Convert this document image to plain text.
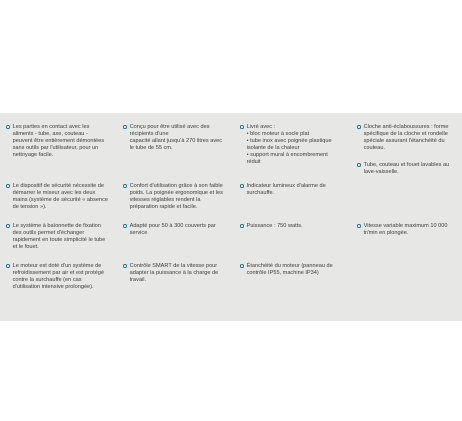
Les parties en contact avec les
aliments - tube, axe, couteau -
peuvent être entièrement démontées
sans outils par l'utilisateur, pour un
nettoyage facile.
Conçu pour être utilisé avec des
récipients d'une
capacité allant jusqu'à 270 litres avec
le tube de 55 cm.
Livré avec :
• bloc moteur à socle plat
• tube inox avec poignée plastique
isolante de la chaleur
• support mural à encombrement
réduit
Cloche anti-éclaboussures : forme
spécifique de la cloche et rondelle
spéciale assurant l'étanchéité du
couteau.
Tube, couteau et fouet lavables au
lave-vaisselle.
Le dispositif de sécurité nécessite de
démarrer le mixeur avec les deux
mains (système de sécurité « absence
de tension »).
Confort d'utilisation grâce à son faible
poids. La poignée ergonomique et les
vitesses réglables rendent la
préparation rapide et facile.
Indicateur lumineux d'alarme de
surchauffe.
Le système à baïonnette de fixation
des outils permet d'échanger
rapidement en toute simplicité le tube
et le fouet.
Adapté pour 50 à 300 couverts par
service
Puissance : 750 watts.	Vitesse variable maximum 10 000
tr/min en plongée.
Le moteur est doté d'un système de
refroidissement par air et est protégé
contre la surchauffe (en cas
d'utilisation intensive prolongée).
Contrôle SMART de la vitesse pour
adapter la puissance à la charge de
travail.
Étanchéité du moteur (panneau de
contrôle IP55, machine IP34)
